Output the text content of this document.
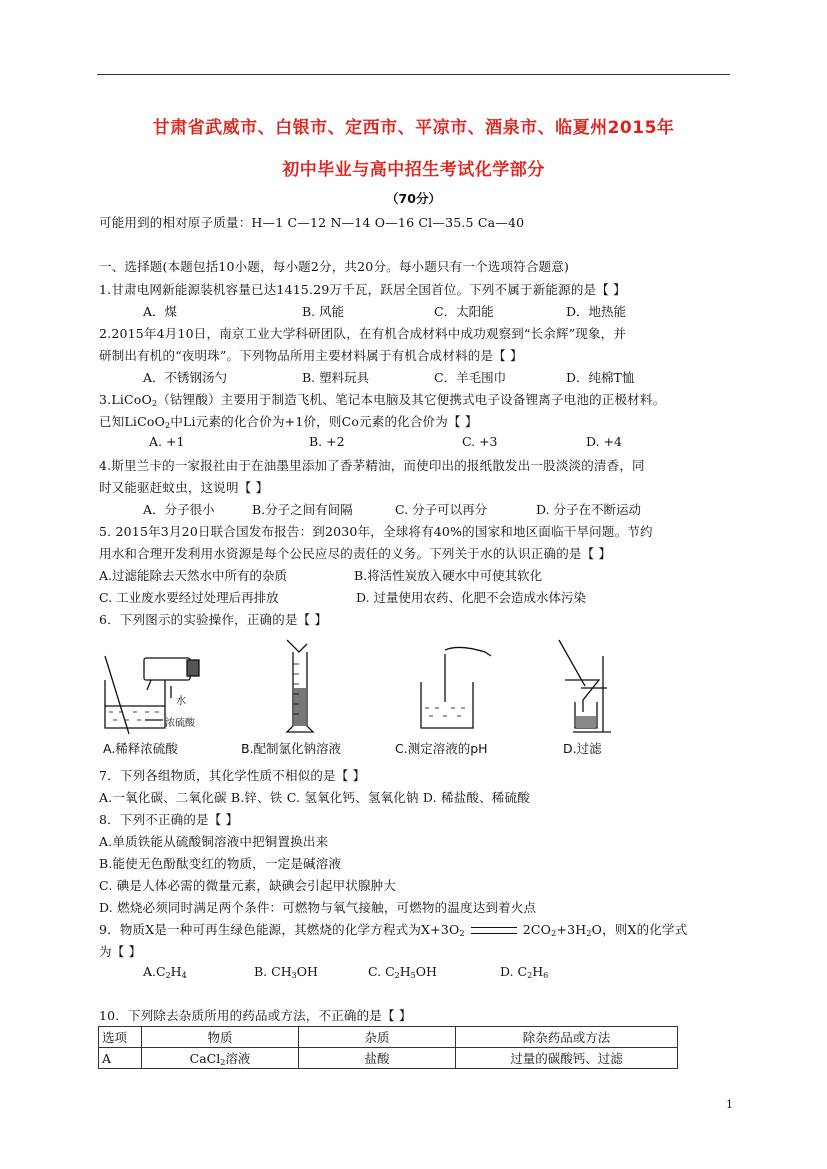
甘肃省武威市、白银市、定西市、平凉市、酒泉市、临夏州2015年
初中毕业与高中招生考试化学部分
（70分）
可能用到的相对原子质量：H—1 C—12 N—14 O—16 Cl—35.5 Ca—40
一、选择题(本题包括10小题，每小题2分，共20分。每小题只有一个选项符合题意)
1.甘肃电网新能源装机容量已达1415.29万千瓦，跃居全国首位。下列不属于新能源的是【 】
A．煤	B. 风能	C．太阳能	D．地热能
2.2015年4月10日，南京工业大学科研团队，在有机合成材料中成功观察到“长余辉”现象，并
研制出有机的“夜明珠”。下列物品所用主要材料属于有机合成材料的是【 】
A．不锈钢汤勺	B. 塑料玩具	C．羊毛围巾	D．纯棉T恤
3.LiCoO$_2$（钴锂酸）主要用于制造飞机、笔记本电脑及其它便携式电子设备锂离子电池的正极材料。
已知LiCoO$_2$中Li元素的化合价为+1价，则Co元素的化合价为【 】
A. +1	B. +2	C. +3	D. +4
4.斯里兰卡的一家报社由于在油墨里添加了香茅精油，而使印出的报纸散发出一股淡淡的清香，同
时又能驱赶蚊虫，这说明【 】
A．分子很小	B.分子之间有间隔	C. 分子可以再分	D. 分子在不断运动
5. 2015年3月20日联合国发布报告：到2030年，全球将有40%的国家和地区面临干旱问题。节约
用水和合理开发利用水资源是每个公民应尽的责任的义务。下列关于水的认识正确的是【 】
A.过滤能除去天然水中所有的杂质	B.将活性炭放入硬水中可使其软化
C. 工业废水要经过处理后再排放	D. 过量使用农药、化肥不会造成水体污染
6．下列图示的实验操作，正确的是【 】
水
浓硫酸
A.稀释浓硫酸	B.配制氯化钠溶液	C.测定溶液的pH	D.过滤
7．下列各组物质，其化学性质不相似的是【 】
A.一氧化碳、二氧化碳 B.锌、铁 C. 氢氧化钙、氢氧化钠 D. 稀盐酸、稀硫酸
8．下列不正确的是【 】
A.单质铁能从硫酸铜溶液中把铜置换出来
B.能使无色酚酞变红的物质，一定是碱溶液
C. 碘是人体必需的微量元素，缺碘会引起甲状腺肿大
D. 燃烧必须同时满足两个条件：可燃物与氧气接触，可燃物的温度达到着火点
9．物质X是一种可再生绿色能源，其燃烧的化学方程式为$X+3O_2$	$2CO_2+3H_2O$，则X的化学式
为【 】
$A.C_2H_4$	B. $CH_3OH$	C. $C_2H_5OH$	D. $C_2H_6$
10．下列除去杂质所用的药品或方法，不正确的是【 】
选项	物质	杂质	除杂药品或方法
A	CaCl$_2$溶液	盐酸	过量的碳酸钙、过滤
1
